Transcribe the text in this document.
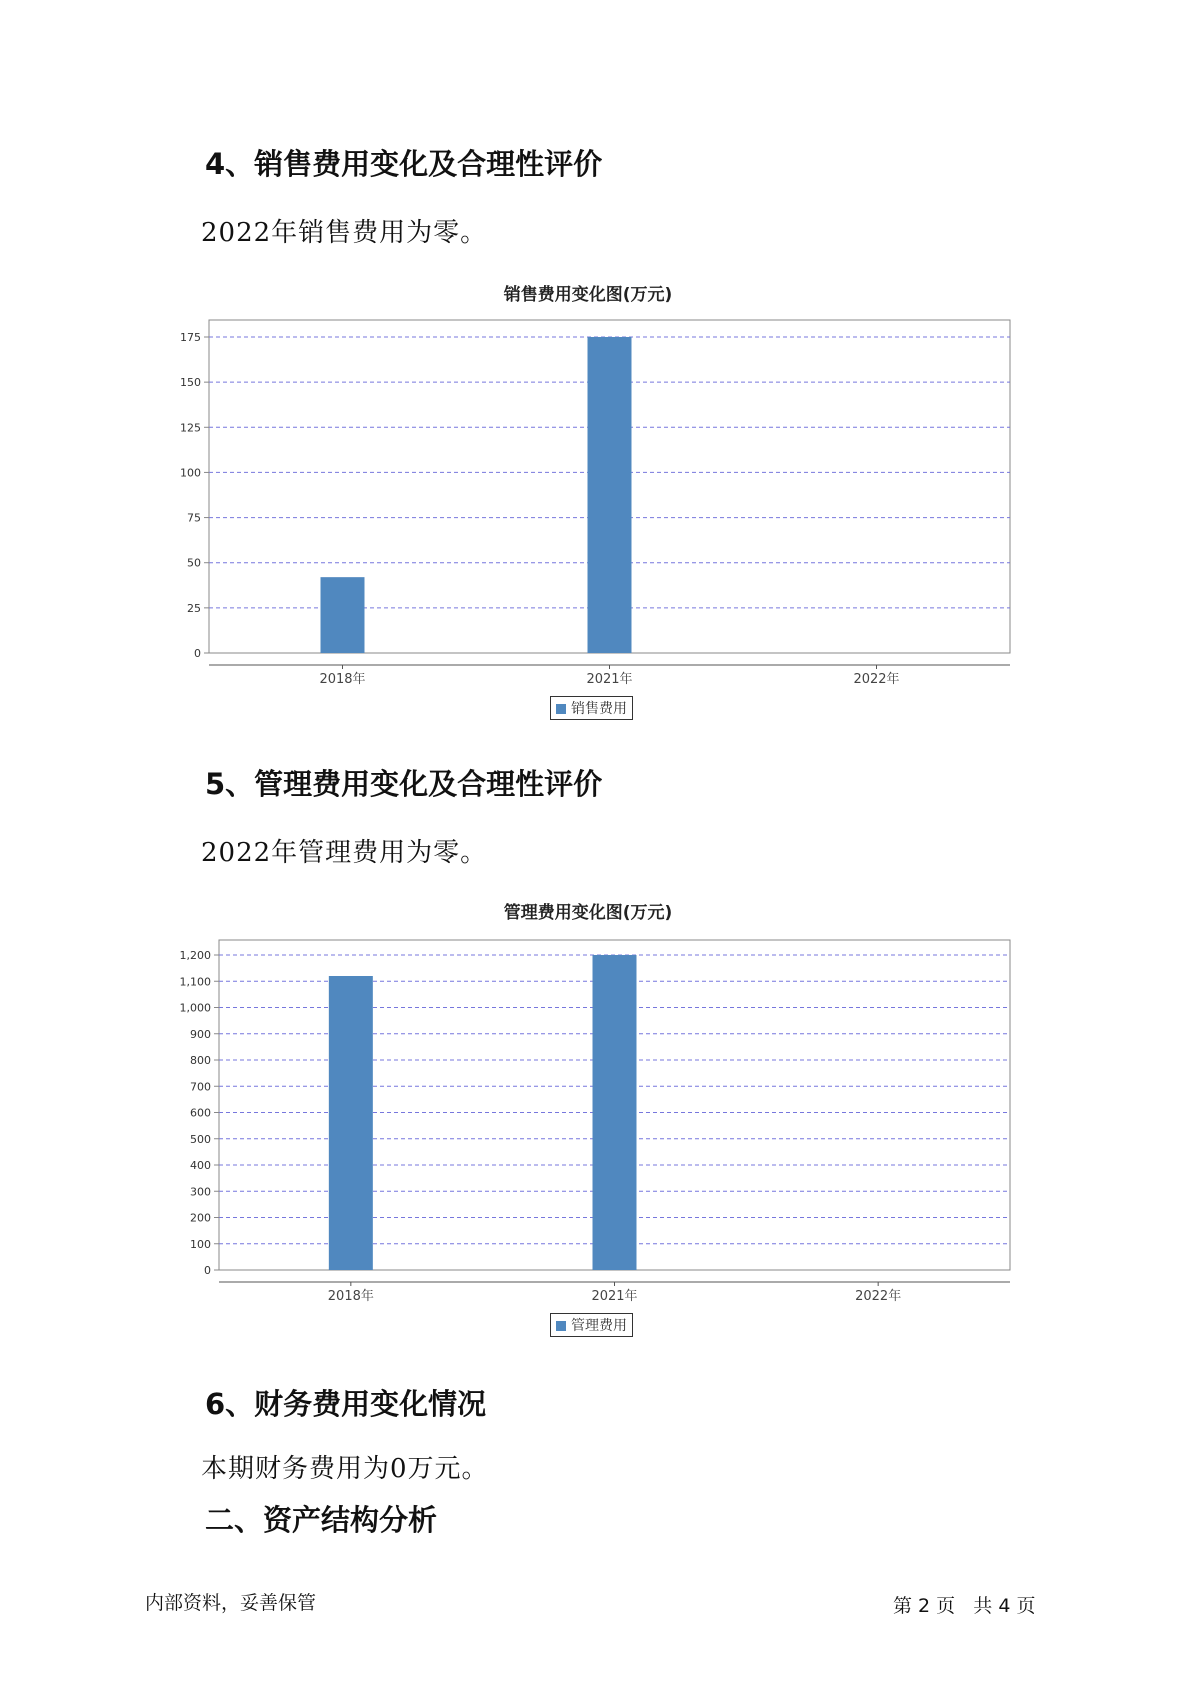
4、销售费用变化及合理性评价
2022年销售费用为零。
销售费用变化图(万元)
0
25
50
75
100
125
150
175
2018年	2021年	2022年
销售费用
5、管理费用变化及合理性评价
2022年管理费用为零。
管理费用变化图(万元)
0
100
200
300
400
500
600
700
800
900
1,000
1,100
1,200
2018年	2021年	2022年
管理费用
6、财务费用变化情况
本期财务费用为0万元。
二、资产结构分析
内部资料，妥善保管	第 2 页   共 4 页
